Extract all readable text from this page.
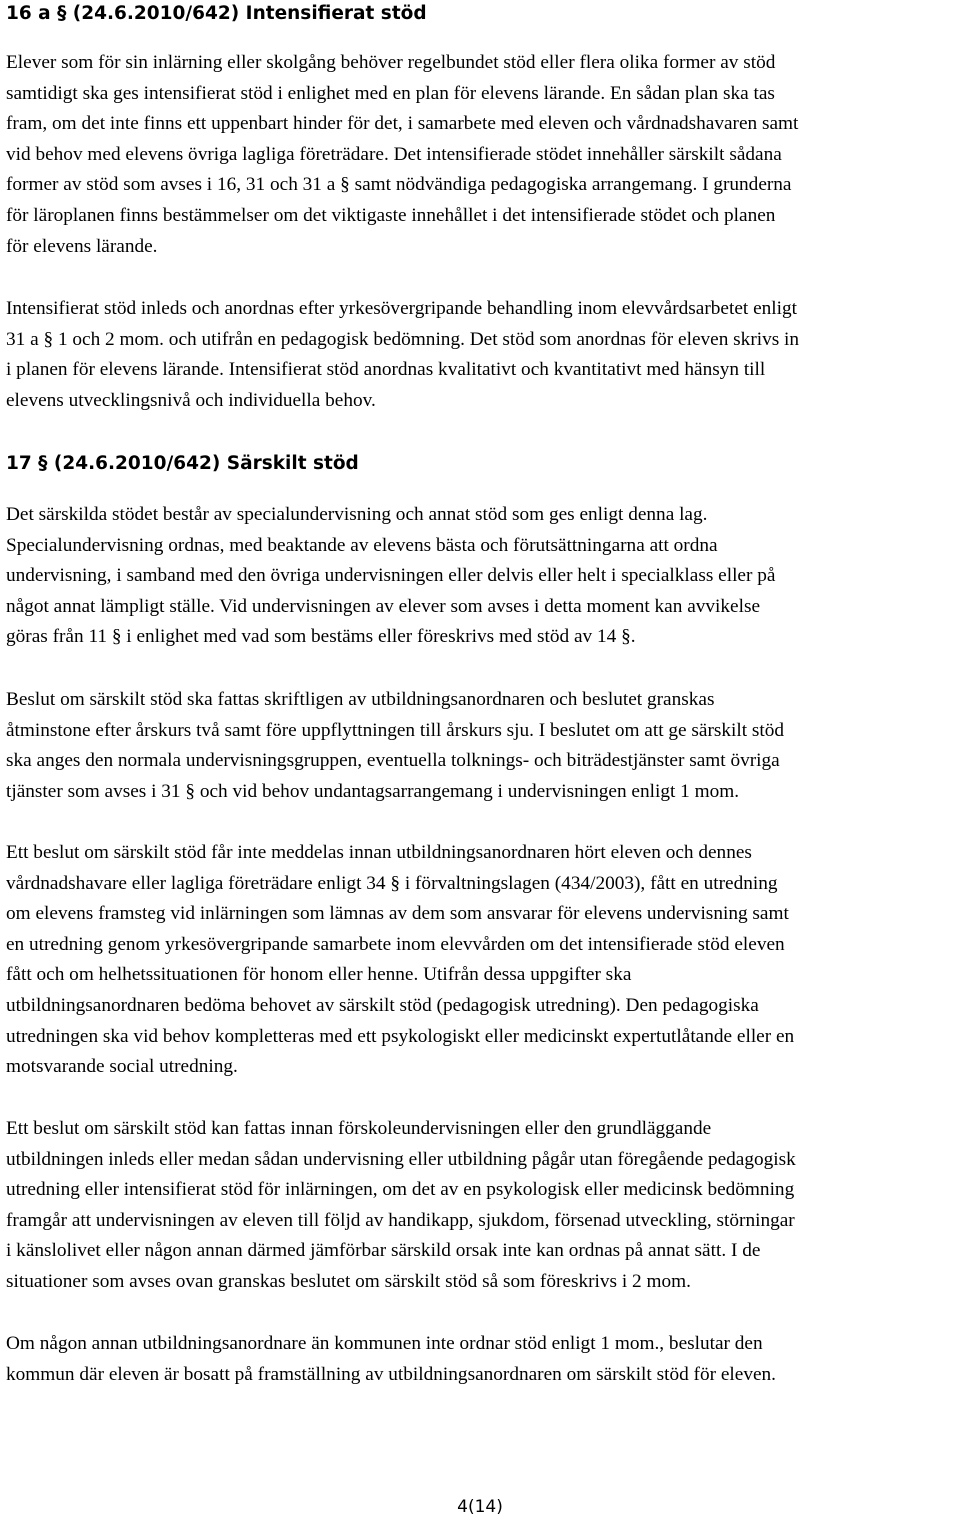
16 a § (24.6.2010/642) Intensifierat stöd
Elever som för sin inlärning eller skolgång behöver regelbundet stöd eller flera olika former av stöd
samtidigt ska ges intensifierat stöd i enlighet med en plan för elevens lärande. En sådan plan ska tas
fram, om det inte finns ett uppenbart hinder för det, i samarbete med eleven och vårdnadshavaren samt
vid behov med elevens övriga lagliga företrädare. Det intensifierade stödet innehåller särskilt sådana
former av stöd som avses i 16, 31 och 31 a § samt nödvändiga pedagogiska arrangemang. I grunderna
för läroplanen finns bestämmelser om det viktigaste innehållet i det intensifierade stödet och planen
för elevens lärande.
Intensifierat stöd inleds och anordnas efter yrkesövergripande behandling inom elevvårdsarbetet enligt
31 a § 1 och 2 mom. och utifrån en pedagogisk bedömning. Det stöd som anordnas för eleven skrivs in
i planen för elevens lärande. Intensifierat stöd anordnas kvalitativt och kvantitativt med hänsyn till
elevens utvecklingsnivå och individuella behov.
17 § (24.6.2010/642) Särskilt stöd
Det särskilda stödet består av specialundervisning och annat stöd som ges enligt denna lag.
Specialundervisning ordnas, med beaktande av elevens bästa och förutsättningarna att ordna
undervisning, i samband med den övriga undervisningen eller delvis eller helt i specialklass eller på
något annat lämpligt ställe. Vid undervisningen av elever som avses i detta moment kan avvikelse
göras från 11 § i enlighet med vad som bestäms eller föreskrivs med stöd av 14 §.
Beslut om särskilt stöd ska fattas skriftligen av utbildningsanordnaren och beslutet granskas
åtminstone efter årskurs två samt före uppflyttningen till årskurs sju. I beslutet om att ge särskilt stöd
ska anges den normala undervisningsgruppen, eventuella tolknings- och biträdestjänster samt övriga
tjänster som avses i 31 § och vid behov undantagsarrangemang i undervisningen enligt 1 mom.
Ett beslut om särskilt stöd får inte meddelas innan utbildningsanordnaren hört eleven och dennes
vårdnadshavare eller lagliga företrädare enligt 34 § i förvaltningslagen (434/2003), fått en utredning
om elevens framsteg vid inlärningen som lämnas av dem som ansvarar för elevens undervisning samt
en utredning genom yrkesövergripande samarbete inom elevvården om det intensifierade stöd eleven
fått och om helhetssituationen för honom eller henne. Utifrån dessa uppgifter ska
utbildningsanordnaren bedöma behovet av särskilt stöd (pedagogisk utredning). Den pedagogiska
utredningen ska vid behov kompletteras med ett psykologiskt eller medicinskt expertutlåtande eller en
motsvarande social utredning.
Ett beslut om särskilt stöd kan fattas innan förskoleundervisningen eller den grundläggande
utbildningen inleds eller medan sådan undervisning eller utbildning pågår utan föregående pedagogisk
utredning eller intensifierat stöd för inlärningen, om det av en psykologisk eller medicinsk bedömning
framgår att undervisningen av eleven till följd av handikapp, sjukdom, försenad utveckling, störningar
i känslolivet eller någon annan därmed jämförbar särskild orsak inte kan ordnas på annat sätt. I de
situationer som avses ovan granskas beslutet om särskilt stöd så som föreskrivs i 2 mom.
Om någon annan utbildningsanordnare än kommunen inte ordnar stöd enligt 1 mom., beslutar den
kommun där eleven är bosatt på framställning av utbildningsanordnaren om särskilt stöd för eleven.
4(14)
